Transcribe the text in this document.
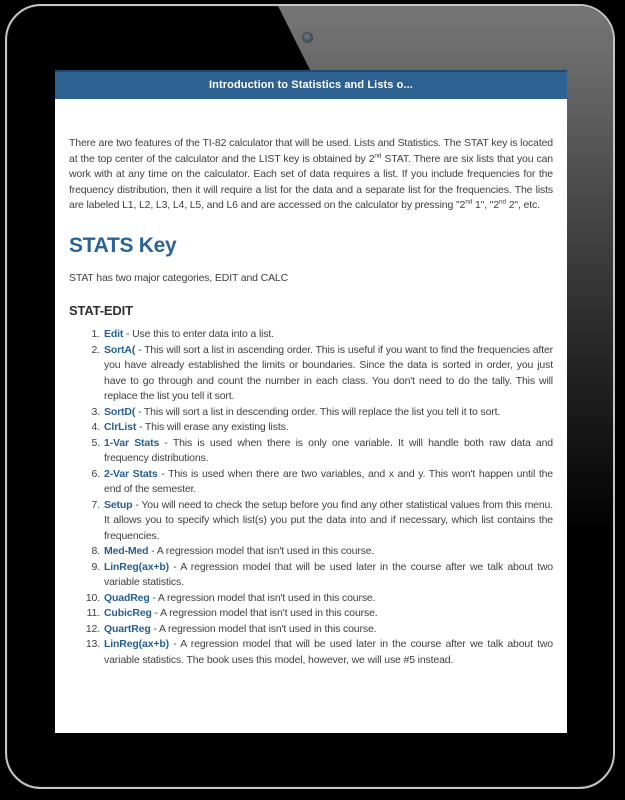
Introduction to Statistics and Lists o...

There are two features of the TI-82 calculator that will be used. Lists and Statistics. The STAT key is located at the top center of the calculator and the LIST key is obtained by 2nd STAT. There are six lists that you can work with at any time on the calculator. Each set of data requires a list. If you include frequencies for the frequency distribution, then it will require a list for the data and a separate list for the frequencies. The lists are labeled L1, L2, L3, L4, L5, and L6 and are accessed on the calculator by pressing "2nd 1", "2nd 2", etc.

STATS Key

STAT has two major categories, EDIT and CALC

STAT-EDIT
1. Edit - Use this to enter data into a list.
2. SortA( - This will sort a list in ascending order. This is useful if you want to find the frequencies after you have already established the limits or boundaries. Since the data is sorted in order, you just have to go through and count the number in each class. You don't need to do the tally. This will replace the list you tell it sort.
3. SortD( - This will sort a list in descending order. This will replace the list you tell it to sort.
4. ClrList - This will erase any existing lists.
5. 1-Var Stats - This is used when there is only one variable. It will handle both raw data and frequency distributions.
6. 2-Var Stats - This is used when there are two variables, and x and y. This won't happen until the end of the semester.
7. Setup - You will need to check the setup before you find any other statistical values from this menu. It allows you to specify which list(s) you put the data into and if necessary, which list contains the frequencies.
8. Med-Med - A regression model that isn't used in this course.
9. LinReg(ax+b) - A regression model that will be used later in the course after we talk about two variable statistics.
10. QuadReg - A regression model that isn't used in this course.
11. CubicReg - A regression model that isn't used in this course.
12. QuartReg - A regression model that isn't used in this course.
13. LinReg(ax+b) - A regression model that will be used later in the course after we talk about two variable statistics. The book uses this model, however, we will use #5 instead.
